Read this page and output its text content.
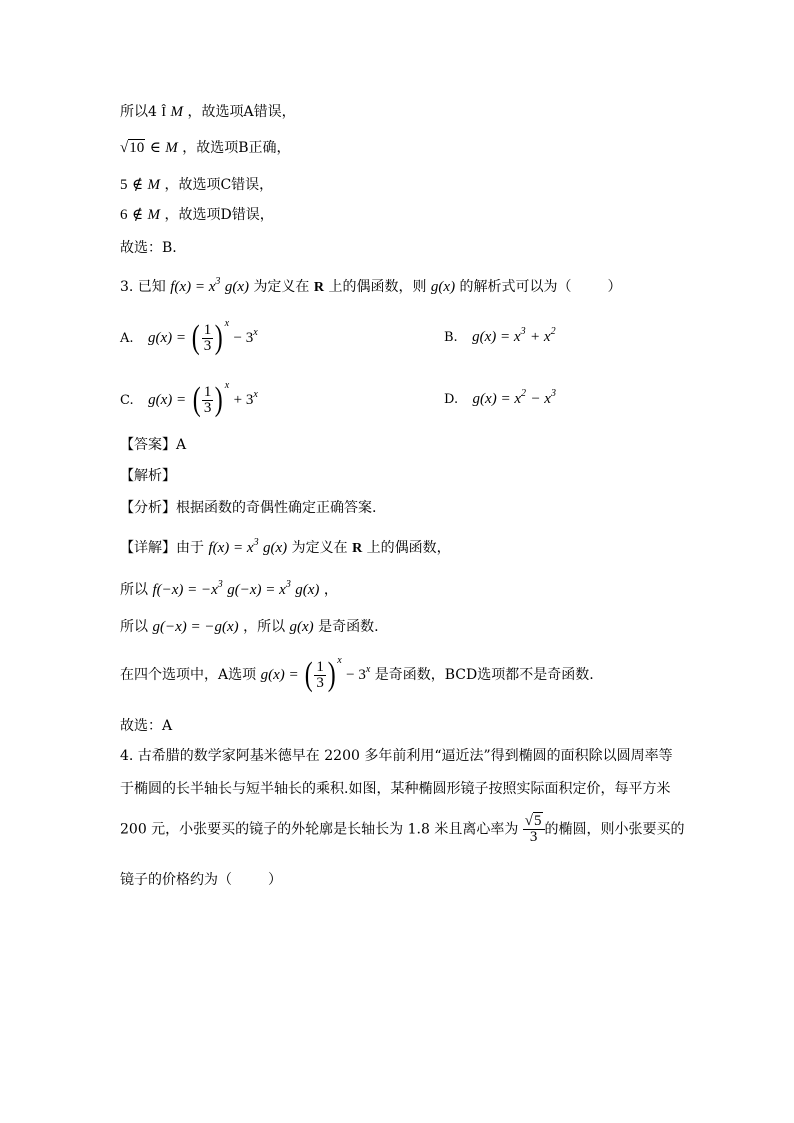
所以4 Î M ，故选项A错误，
√10 ∈ M ，故选项B正确，
5 ∉ M ，故选项C错误，
6 ∉ M ，故选项D错误，
故选：B.
3. 已知 $f(x) = x^3$ g(x) 为定义在 R 上的偶函数，则 g(x) 的解析式可以为（	）
A. g(x) = ( $\frac{1}{3}$ ) $x - 3^x$	B. $g(x) = x^3 + x^2$
C. g(x) = ( $\frac{1}{3}$ ) $x + 3^x$	D. $g(x) = x^2 - x^3$
【答案】A
【解析】
【分析】根据函数的奇偶性确定正确答案.
【详解】由于 $f(x) = x^3$ g(x) 为定义在 R 上的偶函数，
所以 $f(-x) = -x^3$ $g(-x) = x^3$ g(x) ，
所以 g(−x) = −g(x) ，所以 g(x) 是奇函数.
在四个选项中，A选项 g(x) = ( $\frac{1}{3}$ ) $x - 3^x$ 是奇函数，BCD选项都不是奇函数.
故选：A
4. 古希腊的数学家阿基米德早在 2200 多年前利用“逼近法”得到椭圆的面积除以圆周率等
于椭圆的长半轴长与短半轴长的乘积.如图，某种椭圆形镜子按照实际面积定价，每平方米
200 元，小张要买的镜子的外轮廓是长轴长为 1.8 米且离心率为 $\frac{√5}{3}$ 的椭圆，则小张要买的
镜子的价格约为（	）
